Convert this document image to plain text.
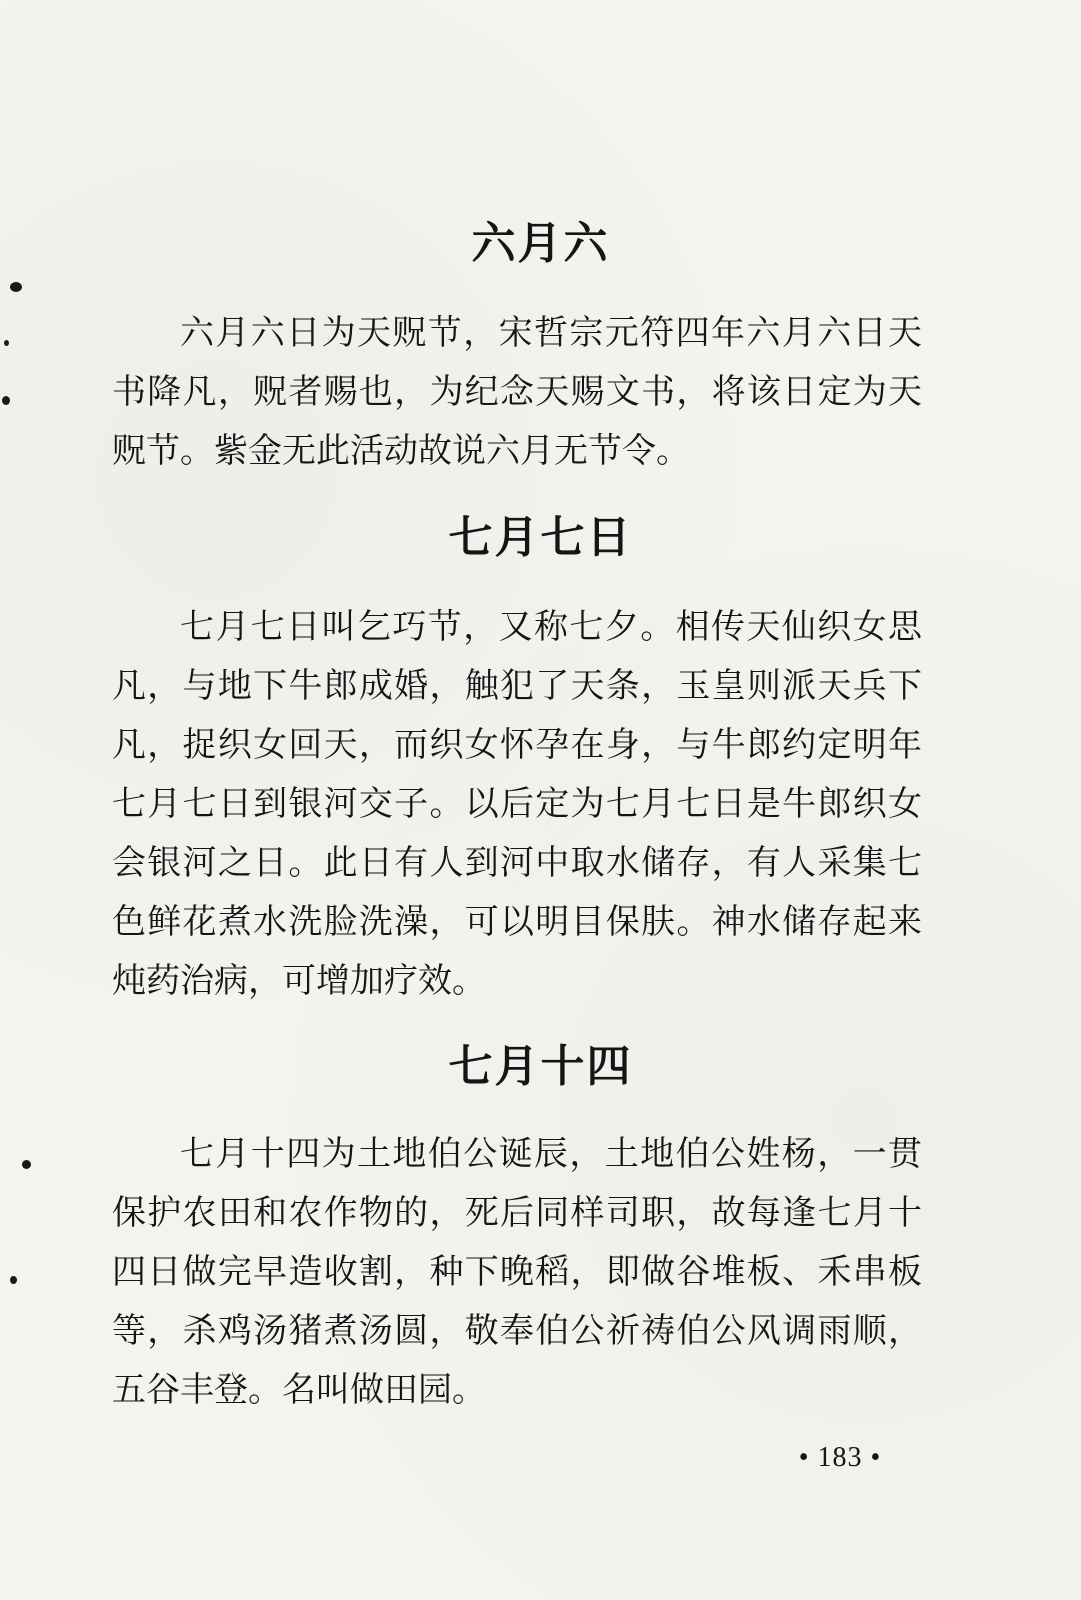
六月六

六月六日为天贶节，宋哲宗元符四年六月六日天书降凡，贶者赐也，为纪念天赐文书，将该日定为天贶节。紫金无此活动故说六月无节令。

七月七日

七月七日叫乞巧节，又称七夕。相传天仙织女思凡，与地下牛郎成婚，触犯了天条，玉皇则派天兵下凡，捉织女回天，而织女怀孕在身，与牛郎约定明年七月七日到银河交子。以后定为七月七日是牛郎织女会银河之日。此日有人到河中取水储存，有人采集七色鲜花煮水洗脸洗澡，可以明目保肤。神水储存起来炖药治病，可增加疗效。

七月十四

七月十四为土地伯公诞辰，土地伯公姓杨，一贯保护农田和农作物的，死后同样司职，故每逢七月十四日做完早造收割，种下晚稻，即做谷堆板、禾串板等，杀鸡汤猪煮汤圆，敬奉伯公祈祷伯公风调雨顺，五谷丰登。名叫做田园。

• 183 •
